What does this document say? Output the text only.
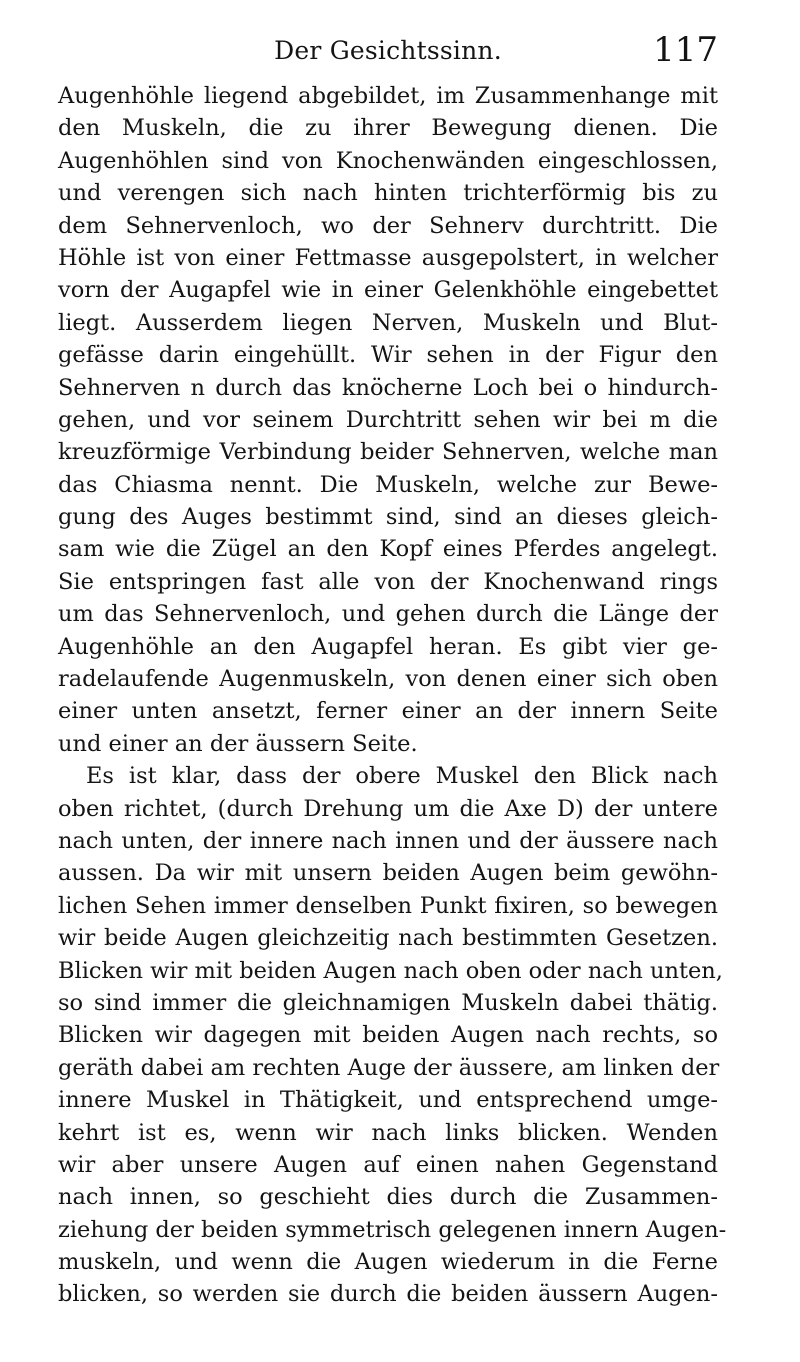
Der Gesichtssinn.	117
Augenhöhle liegend abgebildet, im Zusammenhange mit
den Muskeln, die zu ihrer Bewegung dienen. Die
Augenhöhlen sind von Knochenwänden eingeschlossen,
und verengen sich nach hinten trichterförmig bis zu
dem Sehnervenloch, wo der Sehnerv durchtritt. Die
Höhle ist von einer Fettmasse ausgepolstert, in welcher
vorn der Augapfel wie in einer Gelenkhöhle eingebettet
liegt. Ausserdem liegen Nerven, Muskeln und Blut-
gefässe darin eingehüllt. Wir sehen in der Figur den
Sehnerven n durch das knöcherne Loch bei o hindurch-
gehen, und vor seinem Durchtritt sehen wir bei m die
kreuzförmige Verbindung beider Sehnerven, welche man
das Chiasma nennt. Die Muskeln, welche zur Bewe-
gung des Auges bestimmt sind, sind an dieses gleich-
sam wie die Zügel an den Kopf eines Pferdes angelegt.
Sie entspringen fast alle von der Knochenwand rings
um das Sehnervenloch, und gehen durch die Länge der
Augenhöhle an den Augapfel heran. Es gibt vier ge-
radelaufende Augenmuskeln, von denen einer sich oben
einer unten ansetzt, ferner einer an der innern Seite
und einer an der äussern Seite.
Es ist klar, dass der obere Muskel den Blick nach
oben richtet, (durch Drehung um die Axe D) der untere
nach unten, der innere nach innen und der äussere nach
aussen. Da wir mit unsern beiden Augen beim gewöhn-
lichen Sehen immer denselben Punkt fixiren, so bewegen
wir beide Augen gleichzeitig nach bestimmten Gesetzen.
Blicken wir mit beiden Augen nach oben oder nach unten,
so sind immer die gleichnamigen Muskeln dabei thätig.
Blicken wir dagegen mit beiden Augen nach rechts, so
geräth dabei am rechten Auge der äussere, am linken der
innere Muskel in Thätigkeit, und entsprechend umge-
kehrt ist es, wenn wir nach links blicken. Wenden
wir aber unsere Augen auf einen nahen Gegenstand
nach innen, so geschieht dies durch die Zusammen-
ziehung der beiden symmetrisch gelegenen innern Augen-
muskeln, und wenn die Augen wiederum in die Ferne
blicken, so werden sie durch die beiden äussern Augen-
